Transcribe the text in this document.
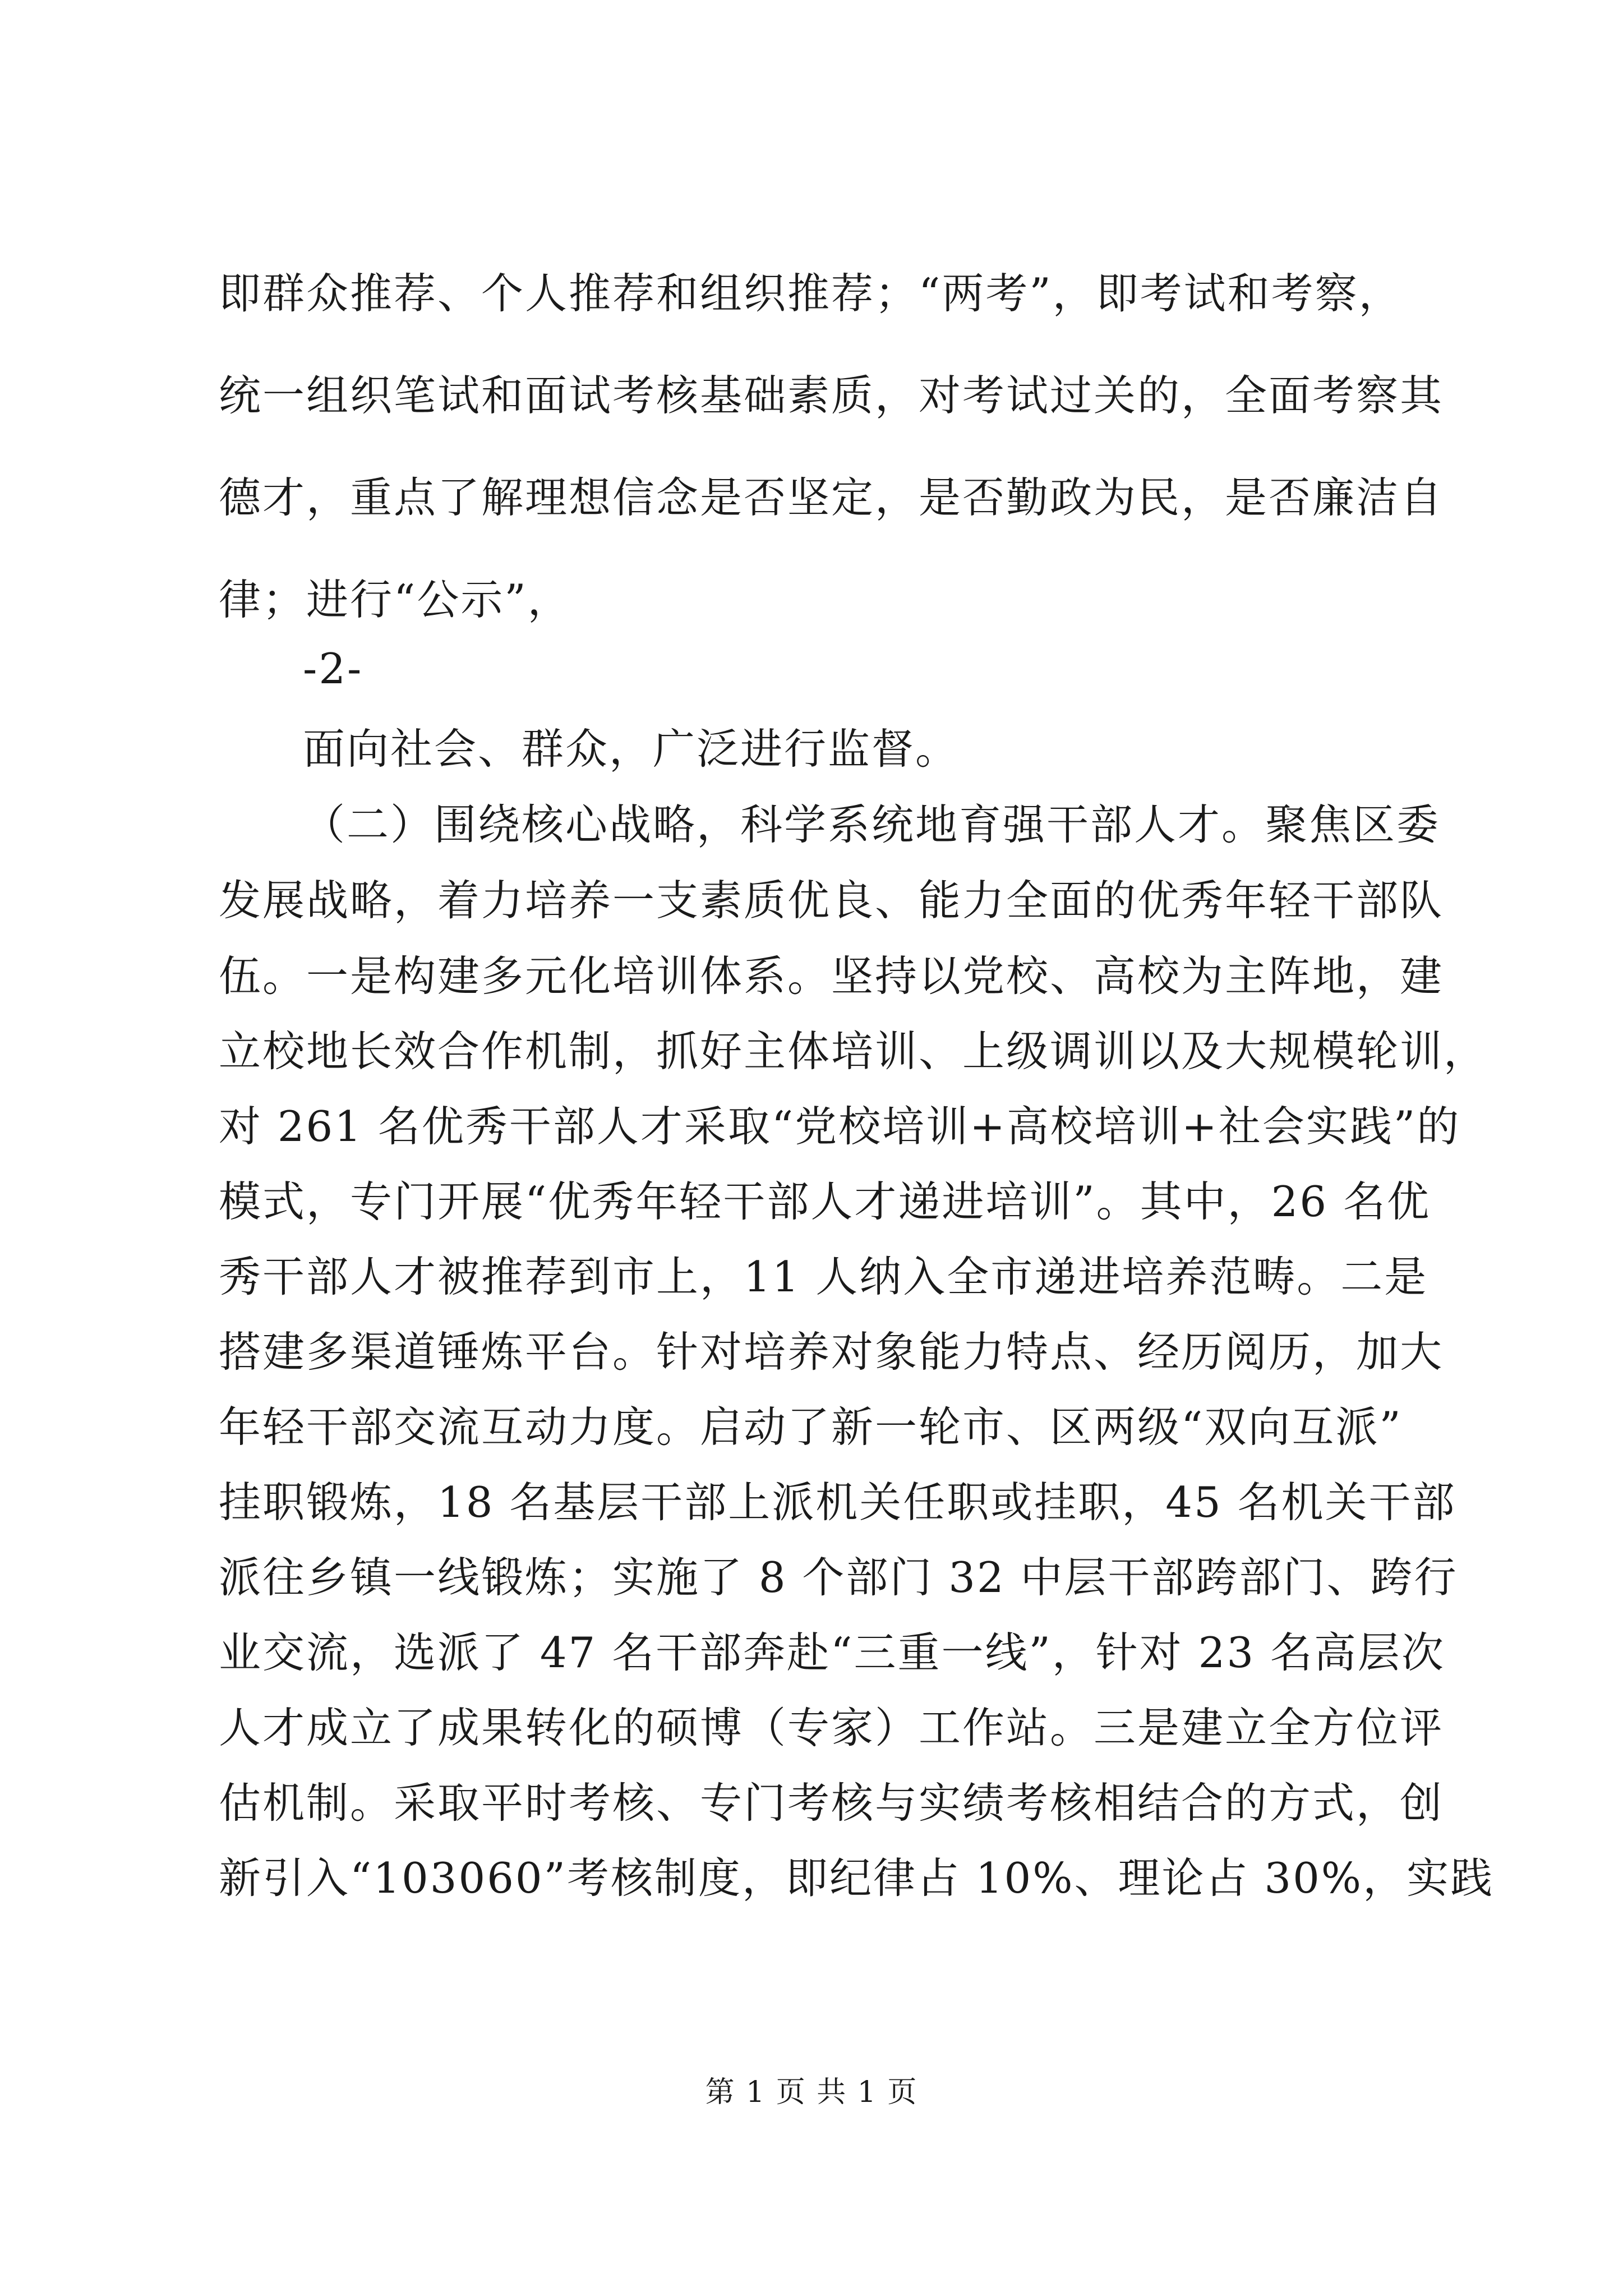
即群众推荐、个人推荐和组织推荐；“两考”，即考试和考察，
统一组织笔试和面试考核基础素质，对考试过关的，全面考察其
德才，重点了解理想信念是否坚定，是否勤政为民，是否廉洁自
律；进行“公示”，
-2-
面向社会、群众，广泛进行监督。
（二）围绕核心战略，科学系统地育强干部人才。聚焦区委
发展战略，着力培养一支素质优良、能力全面的优秀年轻干部队
伍。一是构建多元化培训体系。坚持以党校、高校为主阵地，建
立校地长效合作机制，抓好主体培训、上级调训以及大规模轮训，
对 261 名优秀干部人才采取“党校培训+高校培训+社会实践”的
模式，专门开展“优秀年轻干部人才递进培训”。其中，26 名优
秀干部人才被推荐到市上，11 人纳入全市递进培养范畴。二是
搭建多渠道锤炼平台。针对培养对象能力特点、经历阅历，加大
年轻干部交流互动力度。启动了新一轮市、区两级“双向互派”
挂职锻炼，18 名基层干部上派机关任职或挂职，45 名机关干部
派往乡镇一线锻炼；实施了 8 个部门 32 中层干部跨部门、跨行
业交流，选派了 47 名干部奔赴“三重一线”，针对 23 名高层次
人才成立了成果转化的硕博（专家）工作站。三是建立全方位评
估机制。采取平时考核、专门考核与实绩考核相结合的方式，创
新引入“103060”考核制度，即纪律占 10%、理论占 30%，实践
第 1 页 共 1 页
